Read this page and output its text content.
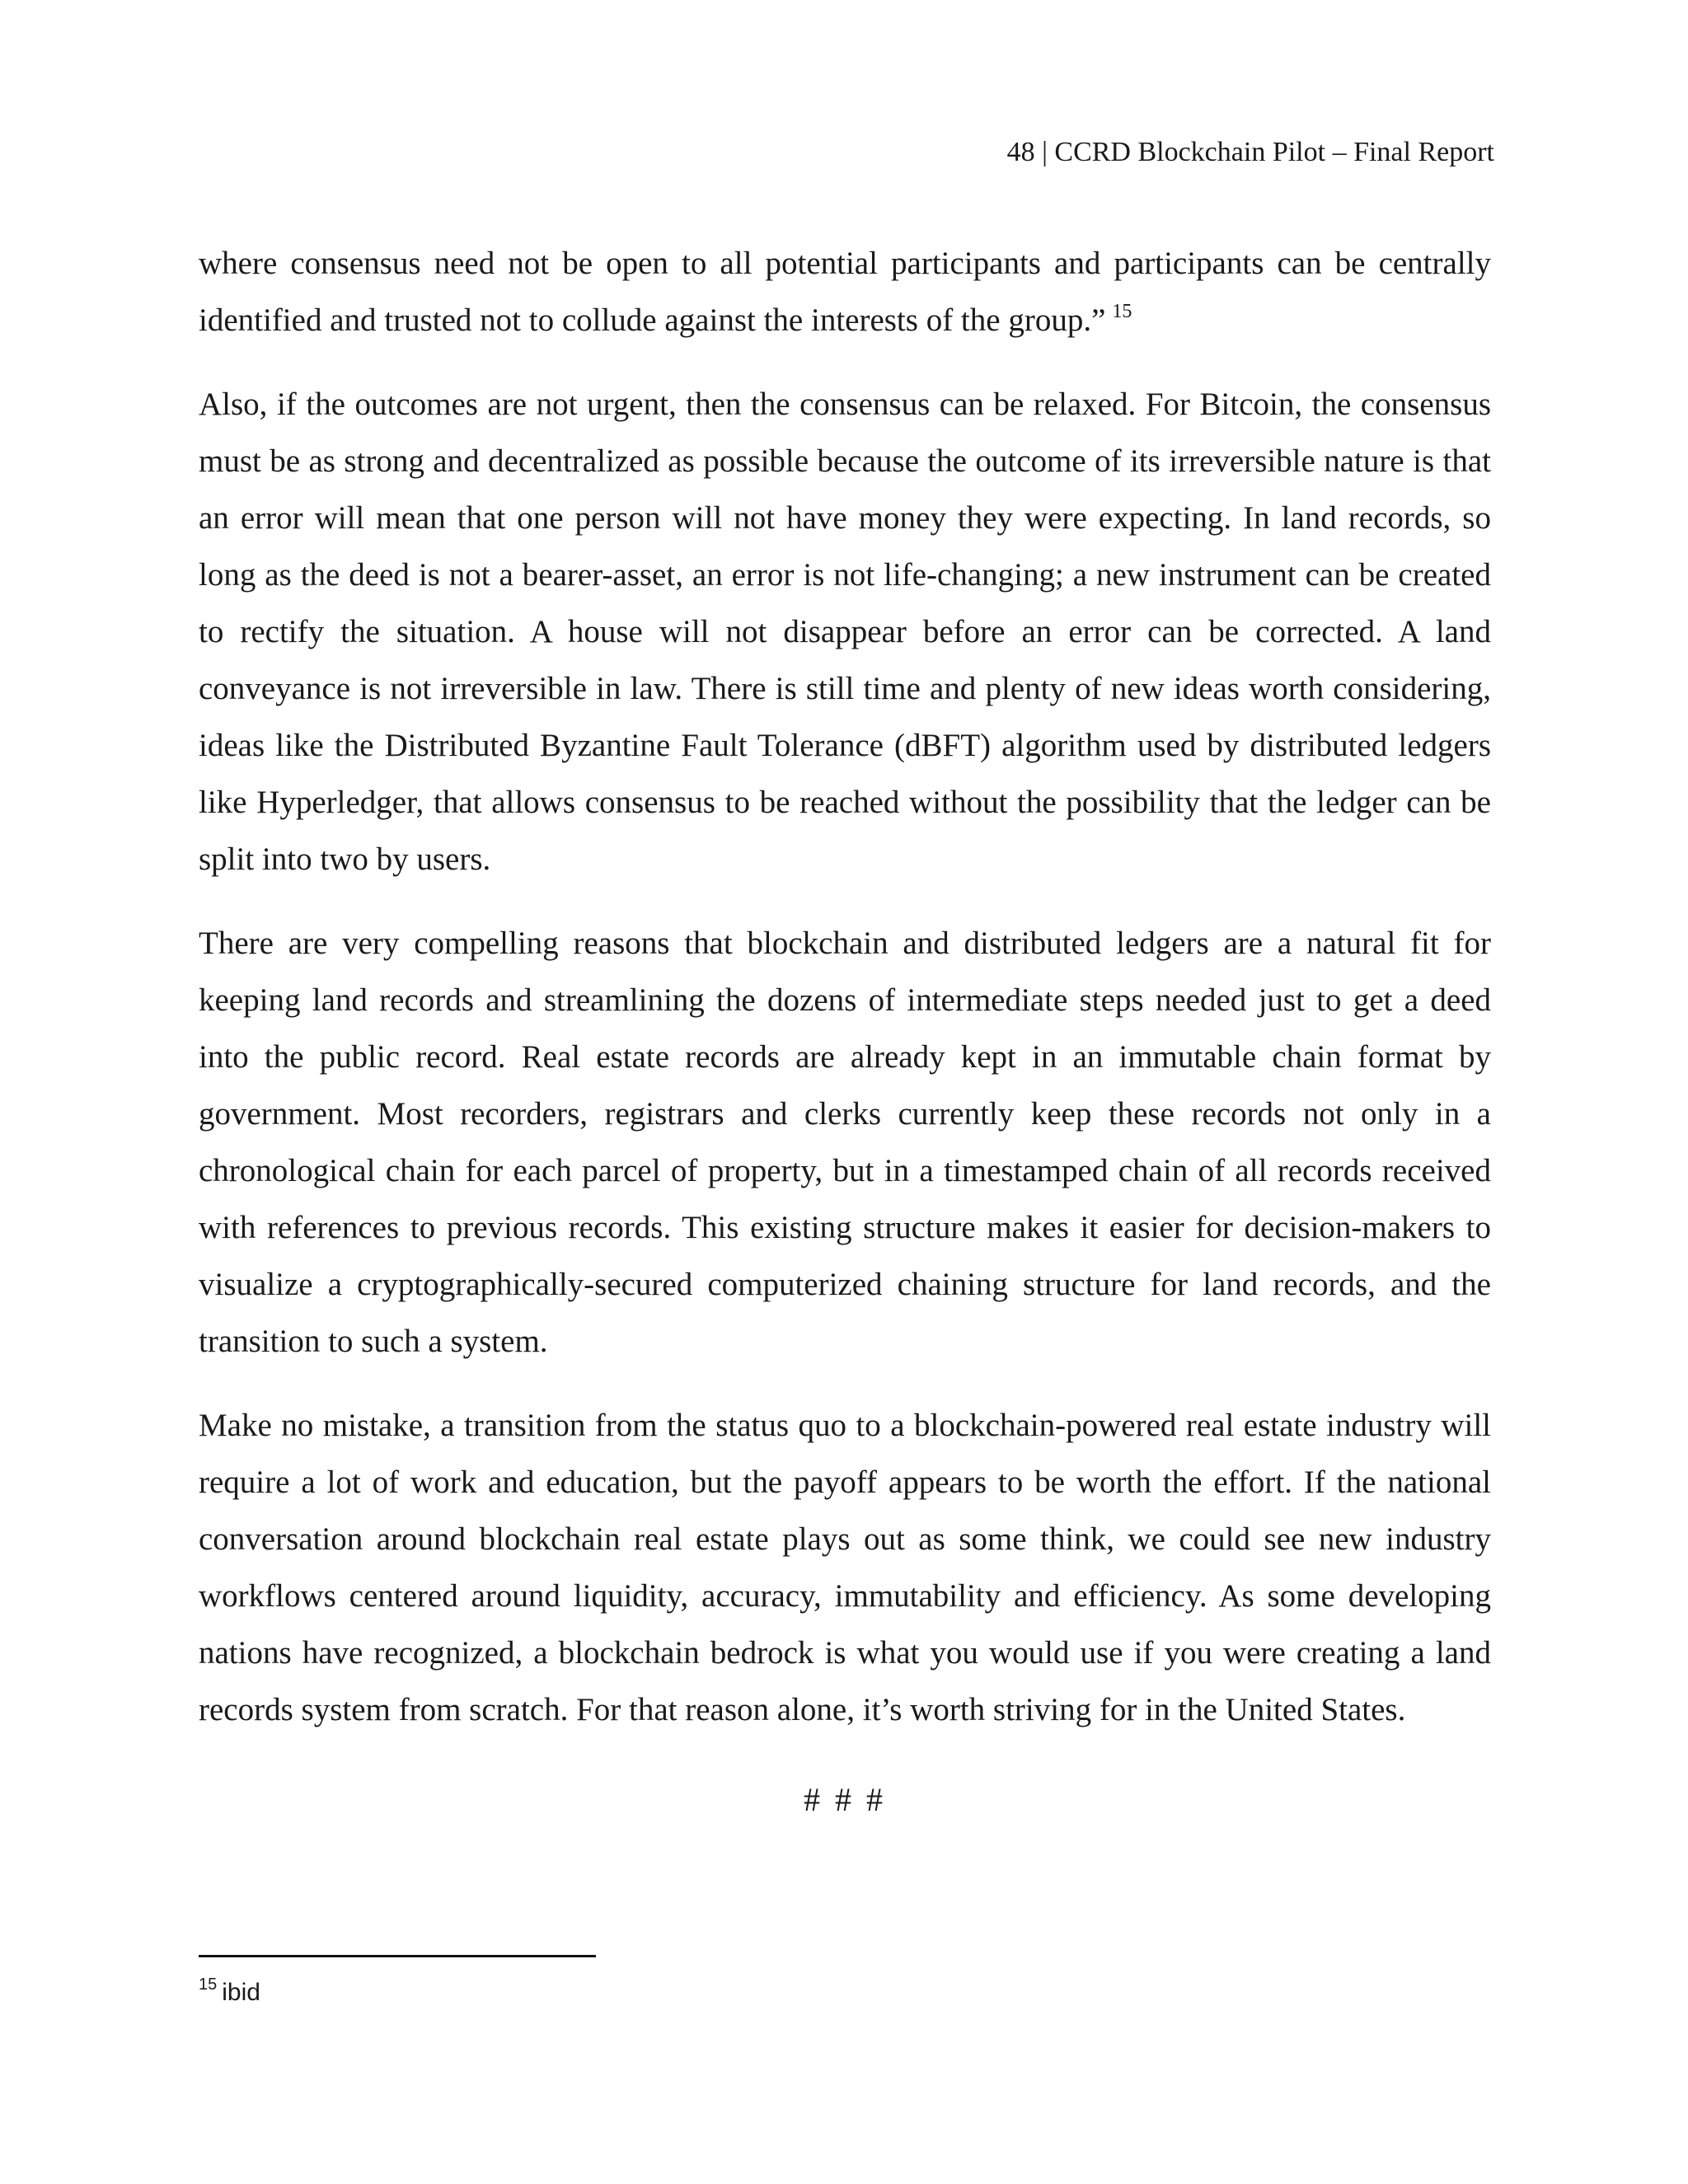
48 | CCRD Blockchain Pilot – Final Report

where consensus need not be open to all potential participants and participants can be centrally identified and trusted not to collude against the interests of the group.” $^{15}$

Also, if the outcomes are not urgent, then the consensus can be relaxed. For Bitcoin, the consensus must be as strong and decentralized as possible because the outcome of its irreversible nature is that an error will mean that one person will not have money they were expecting. In land records, so long as the deed is not a bearer-asset, an error is not life-changing; a new instrument can be created to rectify the situation. A house will not disappear before an error can be corrected. A land conveyance is not irreversible in law. There is still time and plenty of new ideas worth considering, ideas like the Distributed Byzantine Fault Tolerance (dBFT) algorithm used by distributed ledgers like Hyperledger, that allows consensus to be reached without the possibility that the ledger can be split into two by users.

There are very compelling reasons that blockchain and distributed ledgers are a natural fit for keeping land records and streamlining the dozens of intermediate steps needed just to get a deed into the public record. Real estate records are already kept in an immutable chain format by government. Most recorders, registrars and clerks currently keep these records not only in a chronological chain for each parcel of property, but in a timestamped chain of all records received with references to previous records. This existing structure makes it easier for decision-makers to visualize a cryptographically-secured computerized chaining structure for land records, and the transition to such a system.

Make no mistake, a transition from the status quo to a blockchain-powered real estate industry will require a lot of work and education, but the payoff appears to be worth the effort. If the national conversation around blockchain real estate plays out as some think, we could see new industry workflows centered around liquidity, accuracy, immutability and efficiency. As some developing nations have recognized, a blockchain bedrock is what you would use if you were creating a land records system from scratch. For that reason alone, it’s worth striving for in the United States.

# # #
$^{15}$ ibid
